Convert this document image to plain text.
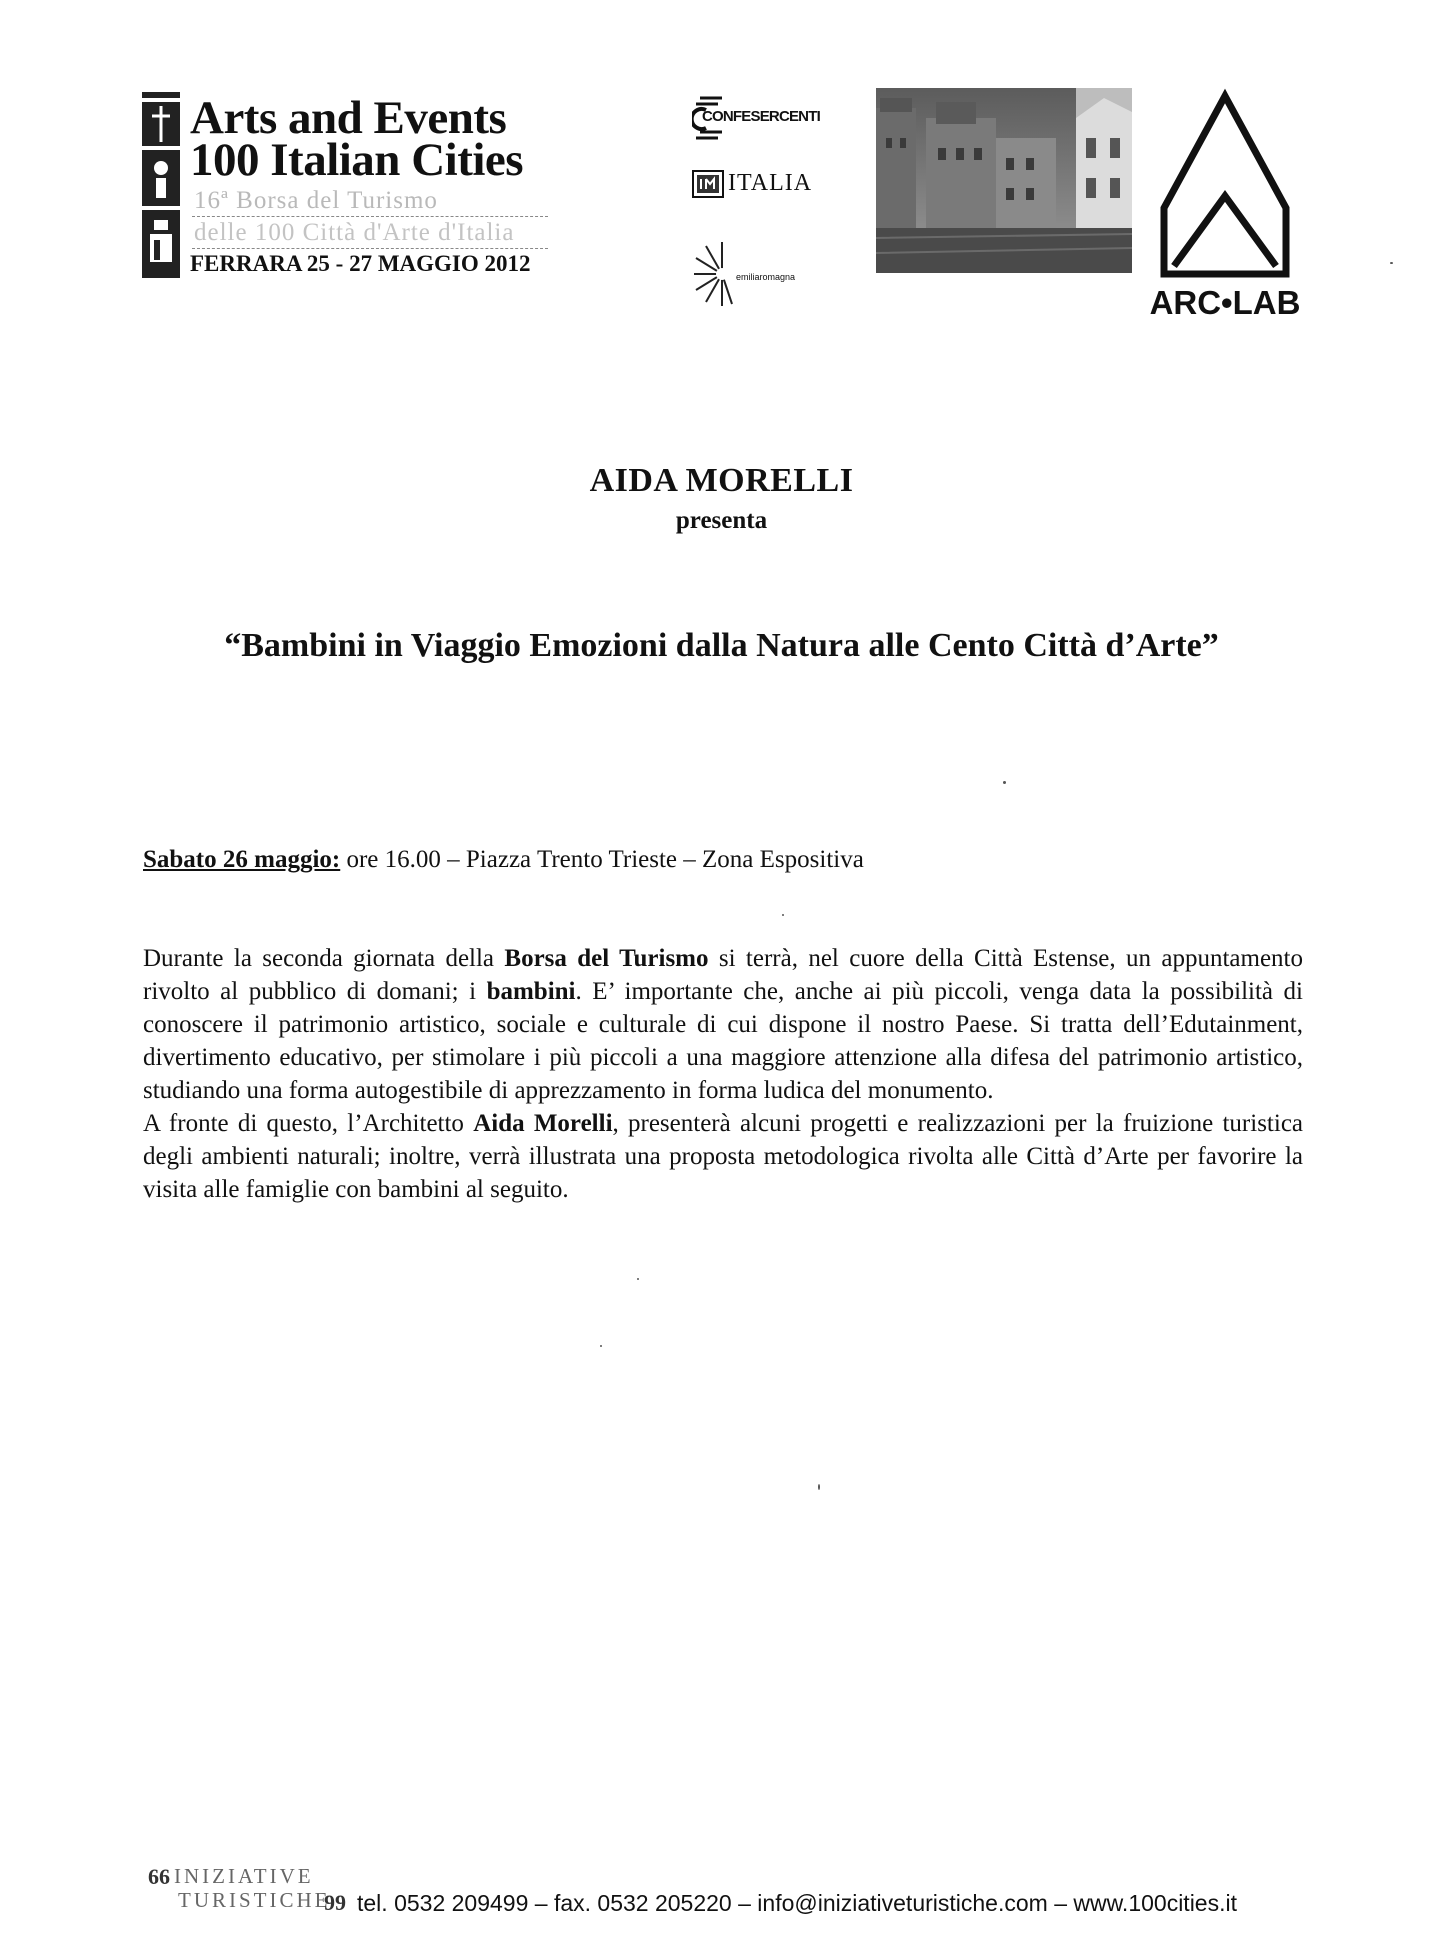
Arts and Events
100 Italian Cities
16ª Borsa del Turismo
delle 100 Città d'Arte d'Italia
FERRARA 25 - 27 MAGGIO 2012
CONFESERCENTI
ITALIA
emiliaromagna
ARC•LAB
AIDA MORELLI
presenta
“Bambini in Viaggio Emozioni dalla Natura alle Cento Città d’Arte”
Sabato 26 maggio: ore 16.00 – Piazza Trento Trieste – Zona Espositiva

Durante la seconda giornata della Borsa del Turismo si terrà, nel cuore della Città Estense, un appuntamento rivolto al pubblico di domani; i bambini. E’ importante che, anche ai più piccoli, venga data la possibilità di conoscere il patrimonio artistico, sociale e culturale di cui dispone il nostro Paese. Si tratta dell’Edutainment, divertimento educativo, per stimolare i più piccoli a una maggiore attenzione alla difesa del patrimonio artistico, studiando una forma autogestibile di apprezzamento in forma ludica del monumento.

A fronte di questo, l’Architetto Aida Morelli, presenterà alcuni progetti e realizzazioni per la fruizione turistica degli ambienti naturali; inoltre, verrà illustrata una proposta metodologica rivolta alle Città d’Arte per favorire la visita alle famiglie con bambini al seguito.

66 INIZIATIVE
TURISTICHE
99 tel. 0532 209499 – fax. 0532 205220 – info@iniziativeturistiche.com – www.100cities.it
